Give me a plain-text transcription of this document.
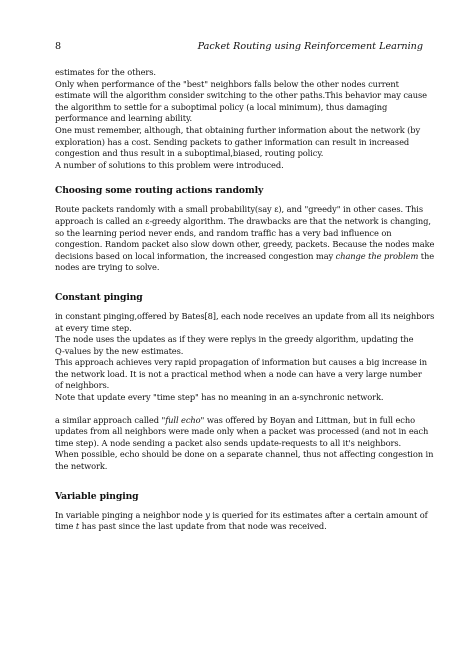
8	Packet Routing using Reinforcement Learning
estimates for the others.
Only when performance of the "best" neighbors falls below the other nodes current
estimate will the algorithm consider switching to the other paths.This behavior may cause
the algorithm to settle for a suboptimal policy (a local minimum), thus damaging
performance and learning ability.
One must remember, although, that obtaining further information about the network (by
exploration) has a cost. Sending packets to gather information can result in increased
congestion and thus result in a suboptimal,biased, routing policy.
A number of solutions to this problem were introduced.
Choosing some routing actions randomly
Route packets randomly with a small probability(say ε), and "greedy" in other cases. This
approach is called an ε-greedy algorithm. The drawbacks are that the network is changing,
so the learning period never ends, and random traffic has a very bad influence on
congestion. Random packet also slow down other, greedy, packets. Because the nodes make
decisions based on local information, the increased congestion may change the problem the
nodes are trying to solve.
Constant pinging
in constant pinging,offered by Bates[8], each node receives an update from all its neighbors
at every time step.
The node uses the updates as if they were replys in the greedy algorithm, updating the
Q-values by the new estimates.
This approach achieves very rapid propagation of information but causes a big increase in
the network load. It is not a practical method when a node can have a very large number
of neighbors.
Note that update every "time step" has no meaning in an a-synchronic network.
a similar approach called "full echo" was offered by Boyan and Littman, but in full echo
updates from all neighbors were made only when a packet was processed (and not in each
time step). A node sending a packet also sends update-requests to all it's neighbors.
When possible, echo should be done on a separate channel, thus not affecting congestion in
the network.
Variable pinging
In variable pinging a neighbor node y is queried for its estimates after a certain amount of
time t has past since the last update from that node was received.
